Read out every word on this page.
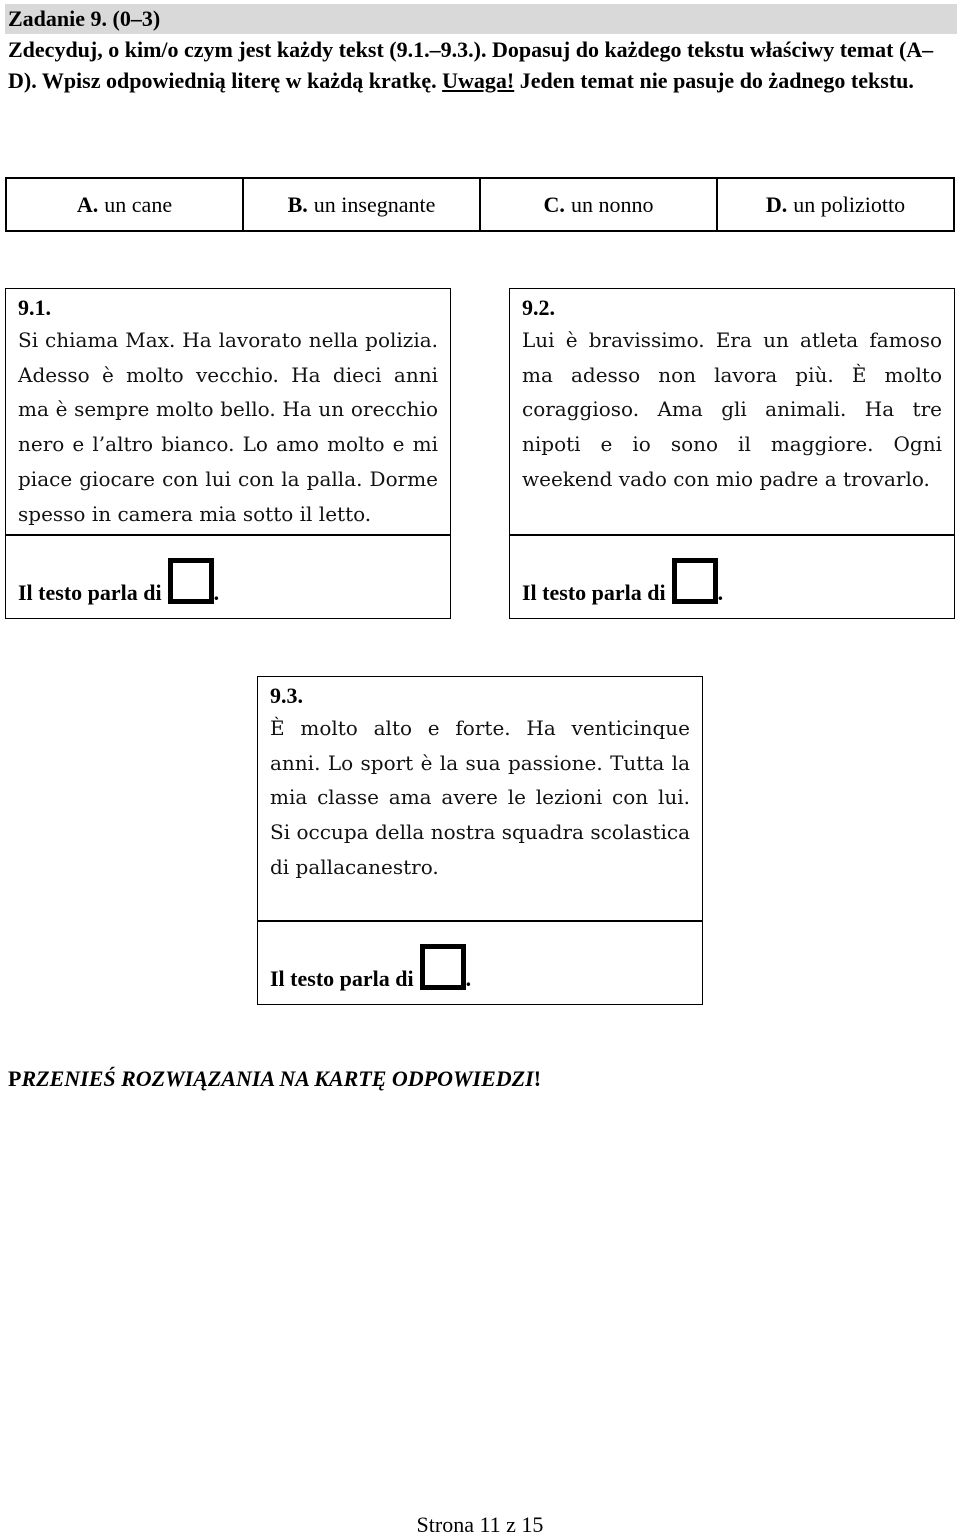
Zadanie 9. (0–3)
Zdecyduj, o kim/o czym jest każdy tekst (9.1.–9.3.). Dopasuj do każdego tekstu właściwy temat (A–D). Wpisz odpowiednią literę w każdą kratkę. Uwaga! Jeden temat nie pasuje do żadnego tekstu.
A. un cane	B. un insegnante	C. un nonno	D. un poliziotto
9.1.
Si chiama Max. Ha lavorato nella polizia. Adesso è molto vecchio. Ha dieci anni ma è sempre molto bello. Ha un orecchio nero e l’altro bianco. Lo amo molto e mi piace giocare con lui con la palla. Dorme spesso in camera mia sotto il letto.
Il testo parla di .
9.2.
Lui è bravissimo. Era un atleta famoso ma adesso non lavora più. È molto coraggioso. Ama gli animali. Ha tre nipoti e io sono il maggiore. Ogni weekend vado con mio padre a trovarlo.
Il testo parla di .
9.3.
È molto alto e forte. Ha venticinque anni. Lo sport è la sua passione. Tutta la mia classe ama avere le lezioni con lui. Si occupa della nostra squadra scolastica di pallacanestro.
Il testo parla di .
PRZENIEŚ ROZWIĄZANIA NA KARTĘ ODPOWIEDZI!
Strona 11 z 15
